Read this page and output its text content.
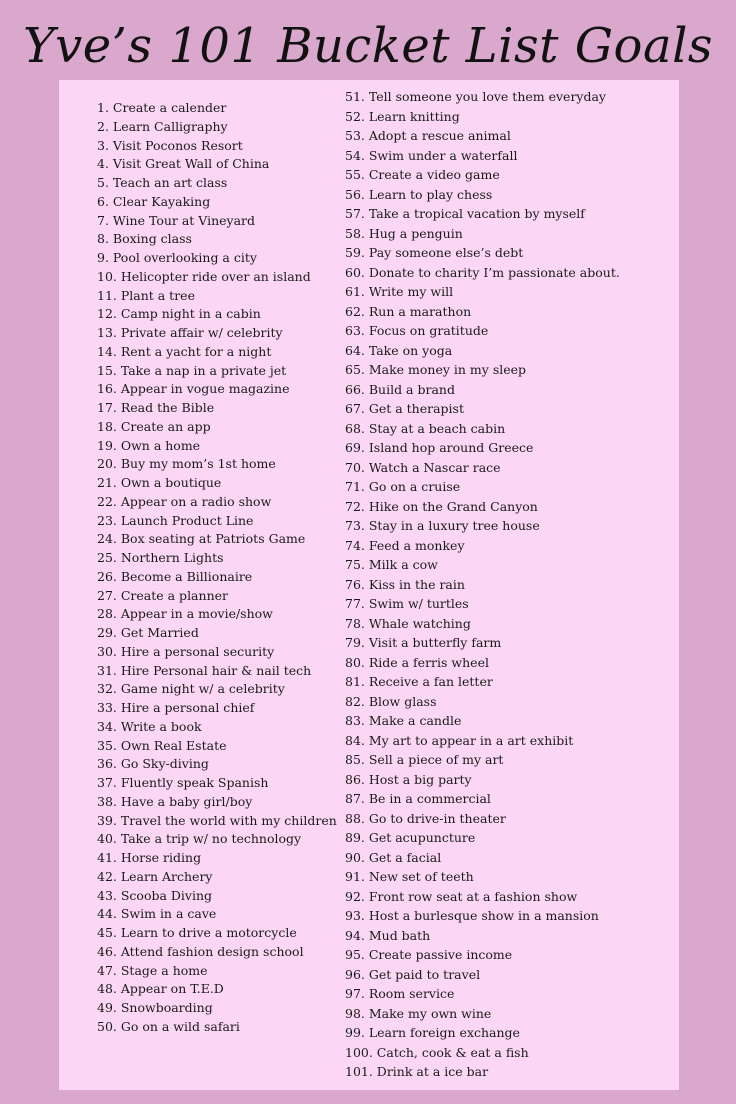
Yve’s 101 Bucket List Goals
1. Create a calender
2. Learn Calligraphy
3. Visit Poconos Resort
4. Visit Great Wall of China
5. Teach an art class
6. Clear Kayaking
7. Wine Tour at Vineyard
8. Boxing class
9. Pool overlooking a city
10. Helicopter ride over an island
11. Plant a tree
12. Camp night in a cabin
13. Private affair w/ celebrity
14. Rent a yacht for a night
15. Take a nap in a private jet
16. Appear in vogue magazine
17. Read the Bible
18. Create an app
19. Own a home
20. Buy my mom’s 1st home
21. Own a boutique
22. Appear on a radio show
23. Launch Product Line
24. Box seating at Patriots Game
25. Northern Lights
26. Become a Billionaire
27. Create a planner
28. Appear in a movie/show
29. Get Married
30. Hire a personal security
31. Hire Personal hair & nail tech
32. Game night w/ a celebrity
33. Hire a personal chief
34. Write a book
35. Own Real Estate
36. Go Sky-diving
37. Fluently speak Spanish
38. Have a baby girl/boy
39. Travel the world with my children
40. Take a trip w/ no technology
41. Horse riding
42. Learn Archery
43. Scooba Diving
44. Swim in a cave
45. Learn to drive a motorcycle
46. Attend fashion design school
47. Stage a home
48. Appear on T.E.D
49. Snowboarding
50. Go on a wild safari
51. Tell someone you love them everyday
52. Learn knitting
53. Adopt a rescue animal
54. Swim under a waterfall
55. Create a video game
56. Learn to play chess
57. Take a tropical vacation by myself
58. Hug a penguin
59. Pay someone else’s debt
60. Donate to charity I’m passionate about.
61. Write my will
62. Run a marathon
63. Focus on gratitude
64. Take on yoga
65. Make money in my sleep
66. Build a brand
67. Get a therapist
68. Stay at a beach cabin
69. Island hop around Greece
70. Watch a Nascar race
71. Go on a cruise
72. Hike on the Grand Canyon
73. Stay in a luxury tree house
74. Feed a monkey
75. Milk a cow
76. Kiss in the rain
77. Swim w/ turtles
78. Whale watching
79. Visit a butterfly farm
80. Ride a ferris wheel
81. Receive a fan letter
82. Blow glass
83. Make a candle
84. My art to appear in a art exhibit
85. Sell a piece of my art
86. Host a big party
87. Be in a commercial
88. Go to drive-in theater
89. Get acupuncture
90. Get a facial
91. New set of teeth
92. Front row seat at a fashion show
93. Host a burlesque show in a mansion
94. Mud bath
95. Create passive income
96. Get paid to travel
97. Room service
98. Make my own wine
99. Learn foreign exchange
100. Catch, cook & eat a fish
101. Drink at a ice bar
